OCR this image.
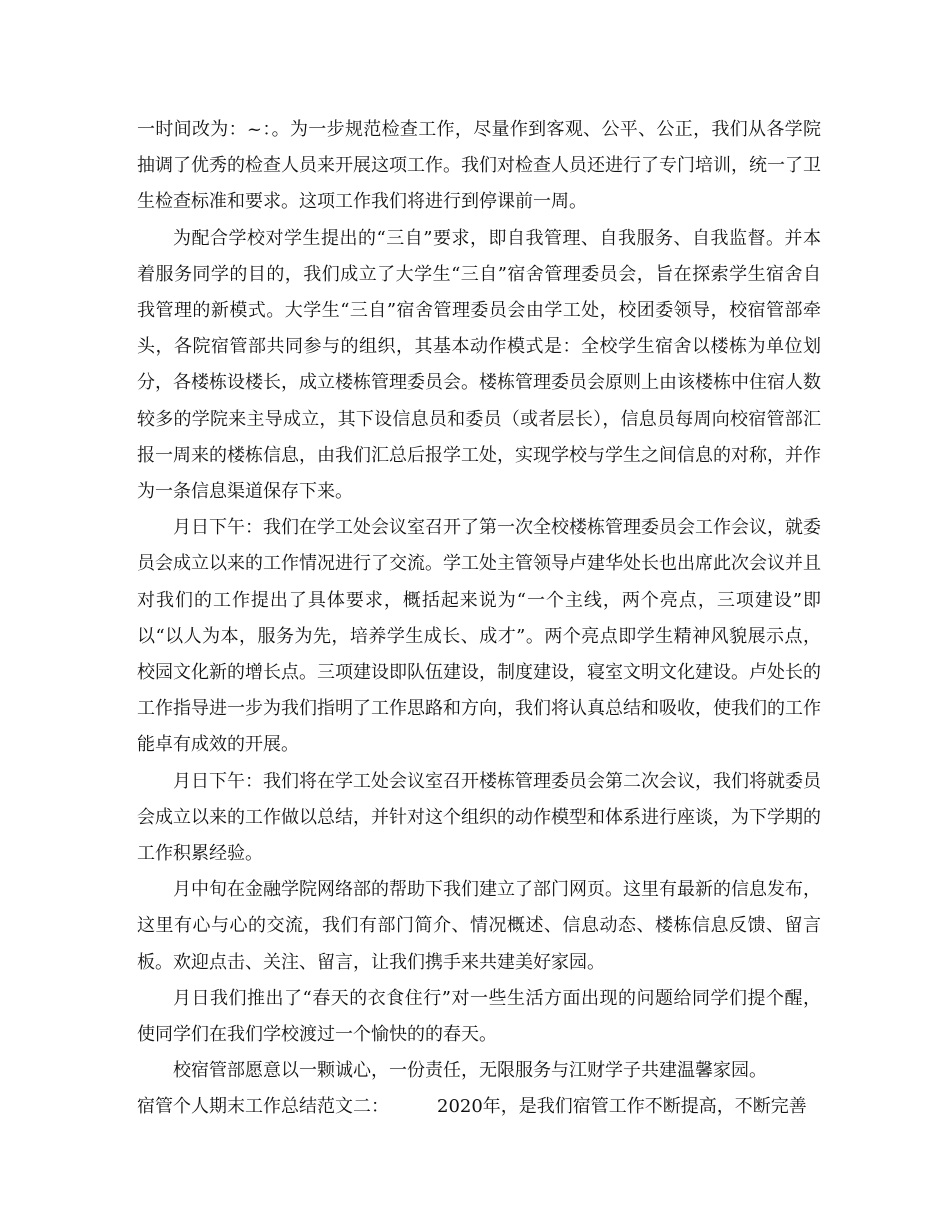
一时间改为：~：。为一步规范检查工作，尽量作到客观、公平、公正，我们从各学院抽调了优秀的检查人员来开展这项工作。我们对检查人员还进行了专门培训，统一了卫生检查标准和要求。这项工作我们将进行到停课前一周。

为配合学校对学生提出的“三自”要求，即自我管理、自我服务、自我监督。并本着服务同学的目的，我们成立了大学生“三自”宿舍管理委员会，旨在探索学生宿舍自我管理的新模式。大学生“三自”宿舍管理委员会由学工处，校团委领导，校宿管部牵头，各院宿管部共同参与的组织，其基本动作模式是：全校学生宿舍以楼栋为单位划分，各楼栋设楼长，成立楼栋管理委员会。楼栋管理委员会原则上由该楼栋中住宿人数较多的学院来主导成立，其下设信息员和委员（或者层长），信息员每周向校宿管部汇报一周来的楼栋信息，由我们汇总后报学工处，实现学校与学生之间信息的对称，并作为一条信息渠道保存下来。

月日下午：我们在学工处会议室召开了第一次全校楼栋管理委员会工作会议，就委员会成立以来的工作情况进行了交流。学工处主管领导卢建华处长也出席此次会议并且对我们的工作提出了具体要求，概括起来说为“一个主线，两个亮点，三项建设”即以“以人为本，服务为先，培养学生成长、成才”。两个亮点即学生精神风貌展示点，校园文化新的增长点。三项建设即队伍建设，制度建设，寝室文明文化建设。卢处长的工作指导进一步为我们指明了工作思路和方向，我们将认真总结和吸收，使我们的工作能卓有成效的开展。

月日下午：我们将在学工处会议室召开楼栋管理委员会第二次会议，我们将就委员会成立以来的工作做以总结，并针对这个组织的动作模型和体系进行座谈，为下学期的工作积累经验。

月中旬在金融学院网络部的帮助下我们建立了部门网页。这里有最新的信息发布，这里有心与心的交流，我们有部门简介、情况概述、信息动态、楼栋信息反馈、留言板。欢迎点击、关注、留言，让我们携手来共建美好家园。

月日我们推出了“春天的衣食住行”对一些生活方面出现的问题给同学们提个醒，使同学们在我们学校渡过一个愉快的的春天。

校宿管部愿意以一颗诚心，一份责任，无限服务与江财学子共建温馨家园。

宿管个人期末工作总结范文二：	2020年，是我们宿管工作不断提高，不断完善
